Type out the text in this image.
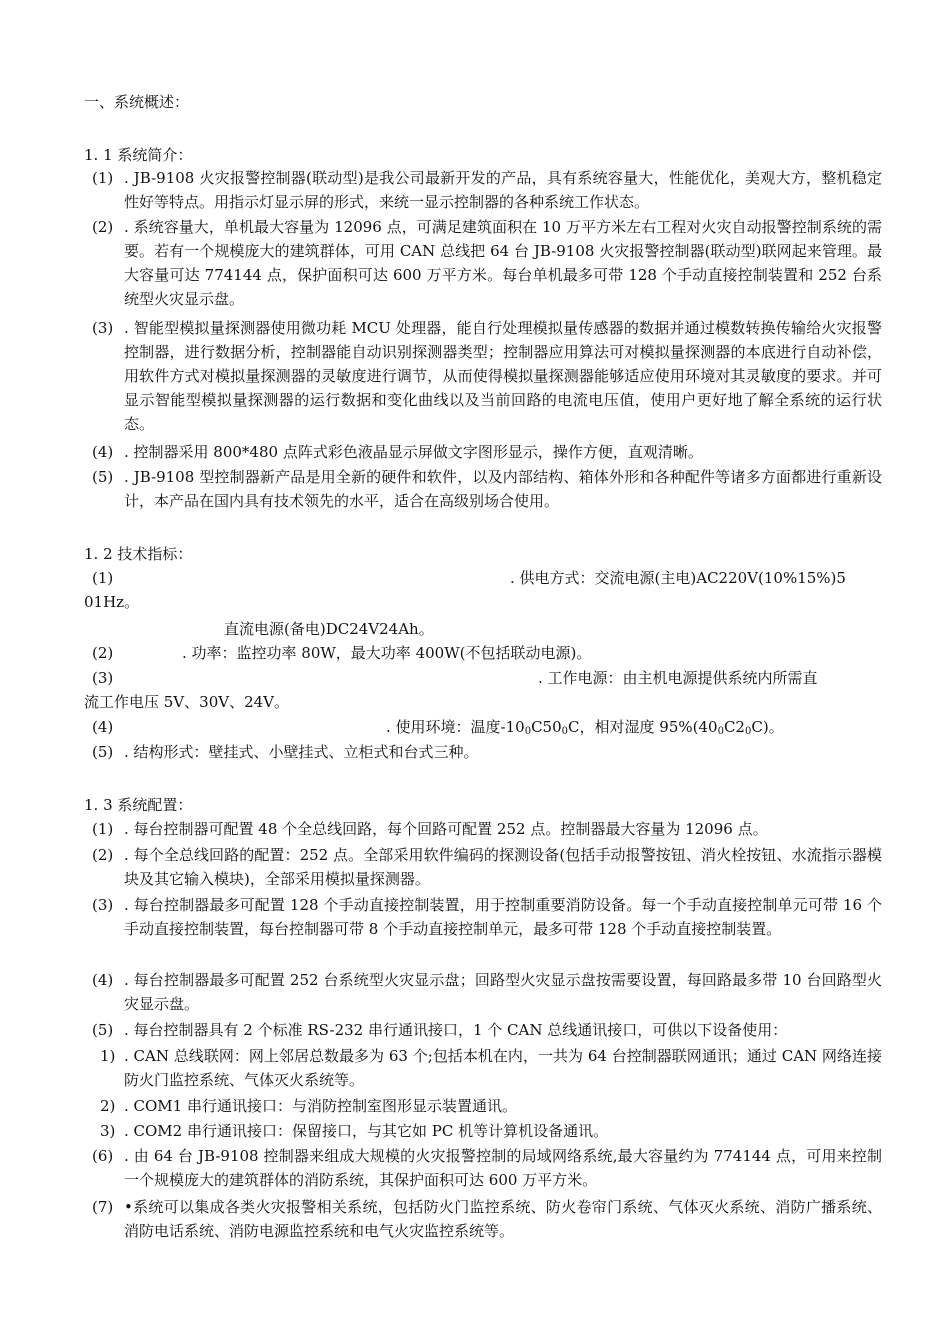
一、系统概述：
1. 1 系统简介：
(1) . JB-9108 火灾报警控制器(联动型)是我公司最新开发的产品，具有系统容量大，性能优化，美观大方，整机稳定性好等特点。用指示灯显示屏的形式，来统一显示控制器的各种系统工作状态。
(2) . 系统容量大，单机最大容量为 12096 点，可满足建筑面积在 10 万平方米左右工程对火灾自动报警控制系统的需要。若有一个规模庞大的建筑群体，可用 CAN 总线把 64 台 JB-9108 火灾报警控制器(联动型)联网起来管理。最大容量可达 774144 点，保护面积可达 600 万平方米。每台单机最多可带 128 个手动直接控制装置和 252 台系统型火灾显示盘。
(3) . 智能型模拟量探测器使用微功耗 MCU 处理器，能自行处理模拟量传感器的数据并通过模数转换传输给火灾报警控制器，进行数据分析，控制器能自动识别探测器类型；控制器应用算法可对模拟量探测器的本底进行自动补偿，用软件方式对模拟量探测器的灵敏度进行调节，从而使得模拟量探测器能够适应使用环境对其灵敏度的要求。并可显示智能型模拟量探测器的运行数据和变化曲线以及当前回路的电流电压值，使用户更好地了解全系统的运行状态。
(4) . 控制器采用 800*480 点阵式彩色液晶显示屏做文字图形显示，操作方便，直观清晰。
(5) . JB-9108 型控制器新产品是用全新的硬件和软件，以及内部结构、箱体外形和各种配件等诸多方面都进行重新设计，本产品在国内具有技术领先的水平，适合在高级别场合使用。
1. 2 技术指标：
(1)	. 供电方式：交流电源(主电)AC220V(10%15%)5
01Hz。
直流电源(备电)DC24V24Ah。
(2)	. 功率：监控功率 80W，最大功率 400W(不包括联动电源)。
(3)	. 工作电源：由主机电源提供系统内所需直
流工作电压 5V、30V、24V。
(4)	. 使用环境：温度$-10_0C50_0C$，相对湿度 $95\%(40_0C2_0C)$。
(5) . 结构形式：壁挂式、小壁挂式、立柜式和台式三种。
1. 3 系统配置：
(1) . 每台控制器可配置 48 个全总线回路，每个回路可配置 252 点。控制器最大容量为 12096 点。
(2) . 每个全总线回路的配置：252 点。全部采用软件编码的探测设备(包括手动报警按钮、消火栓按钮、水流指示器模块及其它输入模块)，全部采用模拟量探测器。
(3) . 每台控制器最多可配置 128 个手动直接控制装置，用于控制重要消防设备。每一个手动直接控制单元可带 16 个手动直接控制装置，每台控制器可带 8 个手动直接控制单元，最多可带 128 个手动直接控制装置。
(4) . 每台控制器最多可配置 252 台系统型火灾显示盘；回路型火灾显示盘按需要设置，每回路最多带 10 台回路型火灾显示盘。
(5) . 每台控制器具有 2 个标准 RS-232 串行通讯接口，1 个 CAN 总线通讯接口，可供以下设备使用：
1) . CAN 总线联网：网上邻居总数最多为 63 个;包括本机在内，一共为 64 台控制器联网通讯；通过 CAN 网络连接防火门监控系统、气体灭火系统等。
2) . COM1 串行通讯接口：与消防控制室图形显示装置通讯。
3) . COM2 串行通讯接口：保留接口，与其它如 PC 机等计算机设备通讯。
(6) . 由 64 台 JB-9108 控制器来组成大规模的火灾报警控制的局域网络系统,最大容量约为 774144 点，可用来控制一个规模庞大的建筑群体的消防系统，其保护面积可达 600 万平方米。
(7) •系统可以集成各类火灾报警相关系统，包括防火门监控系统、防火卷帘门系统、气体灭火系统、消防广播系统、消防电话系统、消防电源监控系统和电气火灾监控系统等。
